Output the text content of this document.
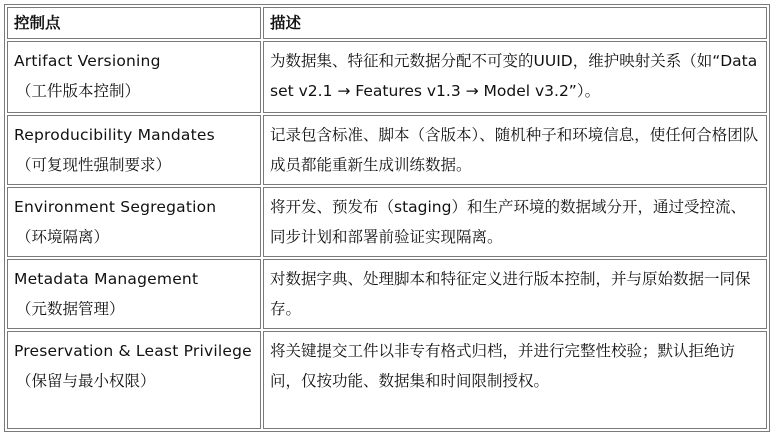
控制点	描述

Artifact Versioning
（工件版本控制）	为数据集、特征和元数据分配不可变的UUID，维护映射关系（如“Dataset v2.1 → Features v1.3 → Model v3.2”）。

Reproducibility Mandates
（可复现性强制要求）	记录包含标准、脚本（含版本）、随机种子和环境信息，使任何合格团队成员都能重新生成训练数据。

Environment Segregation
（环境隔离）	将开发、预发布（staging）和生产环境的数据域分开，通过受控流、同步计划和部署前验证实现隔离。

Metadata Management
（元数据管理）	对数据字典、处理脚本和特征定义进行版本控制，并与原始数据一同保存。

Preservation & Least Privilege
（保留与最小权限）	将关键提交工件以非专有格式归档，并进行完整性校验；默认拒绝访问，仅按功能、数据集和时间限制授权。
